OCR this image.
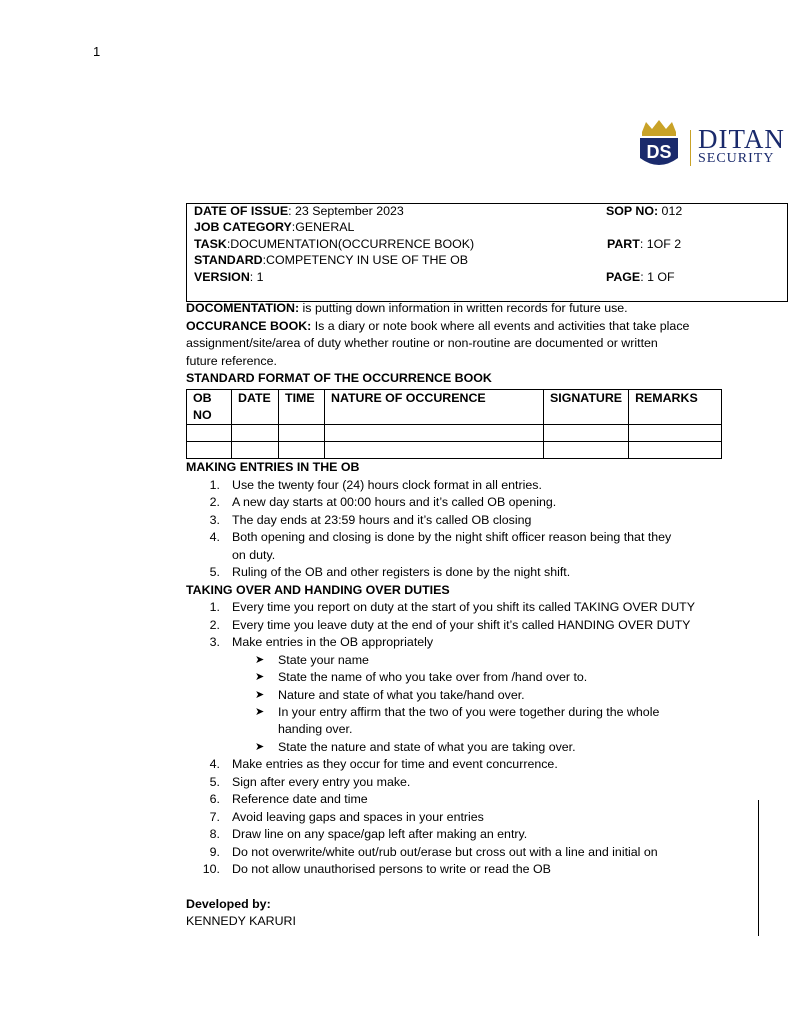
1
DS DITAN
SECURITY
DATE OF ISSUE: 23 September 2023	SOP NO: 012
JOB CATEGORY:GENERAL
TASK:DOCUMENTATION(OCCURRENCE BOOK)	PART: 1OF 2
STANDARD:COMPETENCY IN USE OF THE OB
VERSION: 1	PAGE: 1 OF
DOCOMENTATION: is putting down information in written records for future use.
OCCURANCE BOOK: Is a diary or note book where all events and activities that take place
assignment/site/area of duty whether routine or non-routine are documented or written
future reference.
STANDARD FORMAT OF THE OCCURRENCE BOOK
OB NO	DATE	TIME	NATURE OF OCCURENCE	SIGNATURE	REMARKS

MAKING ENTRIES IN THE OB
1. Use the twenty four (24) hours clock format in all entries.
2. A new day starts at 00:00 hours and it’s called OB opening.
3. The day ends at 23:59 hours and it’s called OB closing
4. Both opening and closing is done by the night shift officer reason being that they
on duty.
5. Ruling of the OB and other registers is done by the night shift.
TAKING OVER AND HANDING OVER DUTIES
1. Every time you report on duty at the start of you shift its called TAKING OVER DUTY
2. Every time you leave duty at the end of your shift it’s called HANDING OVER DUTY
3. Make entries in the OB appropriately
➤ State your name
➤ State the name of who you take over from /hand over to.
➤ Nature and state of what you take/hand over.
➤ In your entry affirm that the two of you were together during the whole
handing over.
➤ State the nature and state of what you are taking over.
4. Make entries as they occur for time and event concurrence.
5. Sign after every entry you make.
6. Reference date and time
7. Avoid leaving gaps and spaces in your entries
8. Draw line on any space/gap left after making an entry.
9. Do not overwrite/white out/rub out/erase but cross out with a line and initial on
10. Do not allow unauthorised persons to write or read the OB
Developed by:
KENNEDY KARURI
